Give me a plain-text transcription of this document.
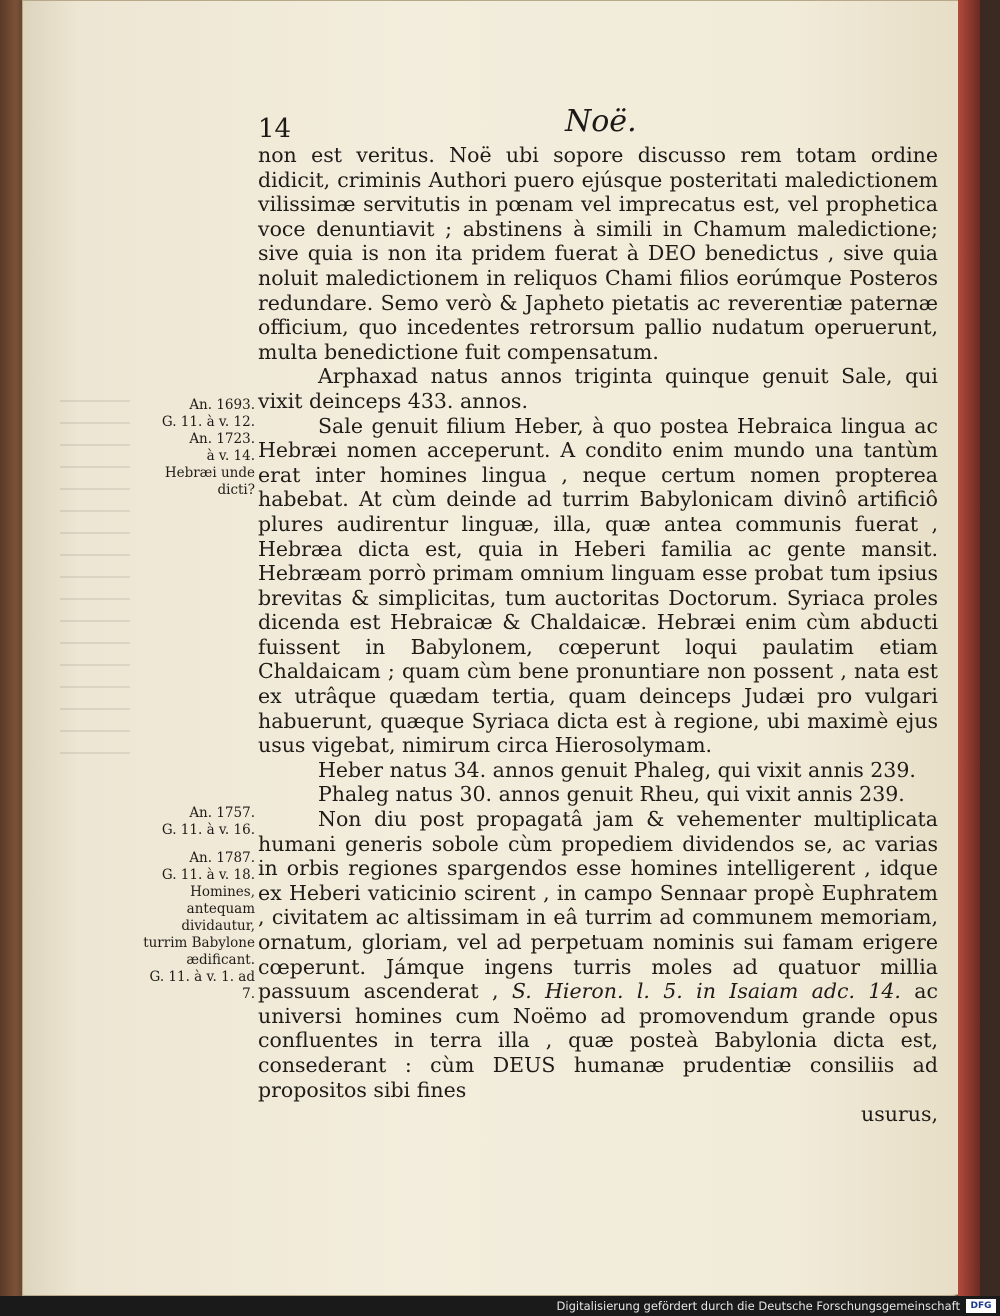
14	Noë.
An. 1693.
G. 11. à v. 12.
An. 1723.
à v. 14.
Hebræi unde dicti?
An. 1757.
G. 11. à v. 16.
An. 1787.
G. 11. à v. 18.
Homines, antequam dividautur, turrim Babylone ædificant.
G. 11. à v. 1. ad 7.

non est veritus. Noë ubi sopore discusso rem totam ordine didicit, criminis Authori puero ejúsque posteritati maledictionem vilissimæ servitutis in pœnam vel imprecatus est, vel prophetica voce denuntiavit ; abstinens à simili in Chamum maledictione; sive quia is non ita pridem fuerat à DEO benedictus , sive quia noluit maledictionem in reliquos Chami filios eorúmque Posteros redundare. Semo verò & Japheto pietatis ac reverentiæ paternæ officium, quo incedentes retrorsum pallio nudatum operuerunt, multa benedictione fuit compensatum.

Arphaxad natus annos triginta quinque genuit Sale, qui vixit deinceps 433. annos.

Sale genuit filium Heber, à quo postea Hebraica lingua ac Hebræi nomen acceperunt. A condito enim mundo una tantùm erat inter homines lingua , neque certum nomen propterea habebat. At cùm deinde ad turrim Babylonicam divinô artificiô plures audirentur linguæ, illa, quæ antea communis fuerat , Hebræa dicta est, quia in Heberi familia ac gente mansit. Hebræam porrò primam omnium linguam esse probat tum ipsius brevitas & simplicitas, tum auctoritas Doctorum. Syriaca proles dicenda est Hebraicæ & Chaldaicæ. Hebræi enim cùm abducti fuissent in Babylonem, cœperunt loqui paulatim etiam Chaldaicam ; quam cùm bene pronuntiare non possent , nata est ex utrâque quædam tertia, quam deinceps Judæi pro vulgari habuerunt, quæque Syriaca dicta est à regione, ubi maximè ejus usus vigebat, nimirum circa Hierosolymam.

Heber natus 34. annos genuit Phaleg, qui vixit annis 239.

Phaleg natus 30. annos genuit Rheu, qui vixit annis 239.

Non diu post propagatâ jam & vehementer multiplicata humani generis sobole cùm propediem dividendos se, ac varias in orbis regiones spargendos esse homines intelligerent , idque ex Heberi vaticinio scirent , in campo Sennaar propè Euphratem , civitatem ac altissimam in eâ turrim ad communem memoriam, ornatum, gloriam, vel ad perpetuam nominis sui famam erigere cœperunt. Jámque ingens turris moles ad quatuor millia passuum ascenderat , S. Hieron. l. 5. in Isaiam adc. 14. ac universi homines cum Noëmo ad promovendum grande opus confluentes in terra illa , quæ posteà Babylonia dicta est, consederant : cùm DEUS humanæ prudentiæ consiliis ad propositos sibi fines

usurus,
Digitalisierung gefördert durch die Deutsche Forschungsgemeinschaft	DFG
